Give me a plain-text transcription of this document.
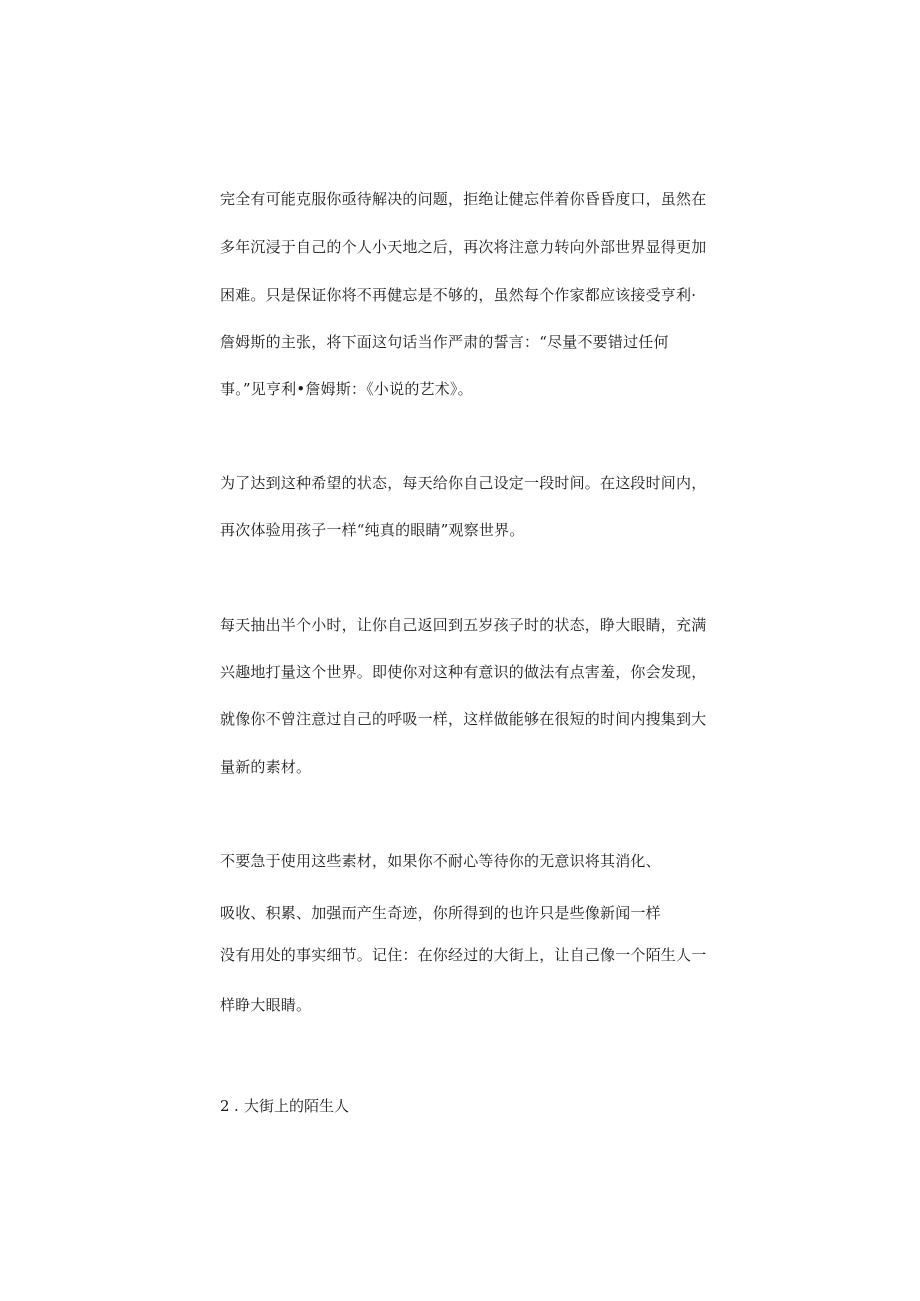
完全有可能克服你亟待解决的问题，拒绝让健忘伴着你昏昏度口，虽然在
多年沉浸于自己的个人小天地之后，再次将注意力转向外部世界显得更加
困难。只是保证你将不再健忘是不够的，虽然每个作家都应该接受亨利·
詹姆斯的主张，将下面这句话当作严肃的誓言：“尽量不要错过任何
事。”见亨利•詹姆斯：《小说的艺术》。
为了达到这种希望的状态，每天给你自己设定一段时间。在这段时间内，
再次体验用孩子一样“纯真的眼睛”观察世界。
每天抽出半个小时，让你自己返回到五岁孩子时的状态，睁大眼睛，充满
兴趣地打量这个世界。即使你对这种有意识的做法有点害羞，你会发现，
就像你不曾注意过自己的呼吸一样，这样做能够在很短的时间内搜集到大
量新的素材。
不要急于使用这些素材，如果你不耐心等待你的无意识将其消化、
吸收、积累、加强而产生奇迹，你所得到的也许只是些像新闻一样
没有用处的事实细节。记住：在你经过的大街上，让自己像一个陌生人一
样睁大眼睛。
2 . 大街上的陌生人
